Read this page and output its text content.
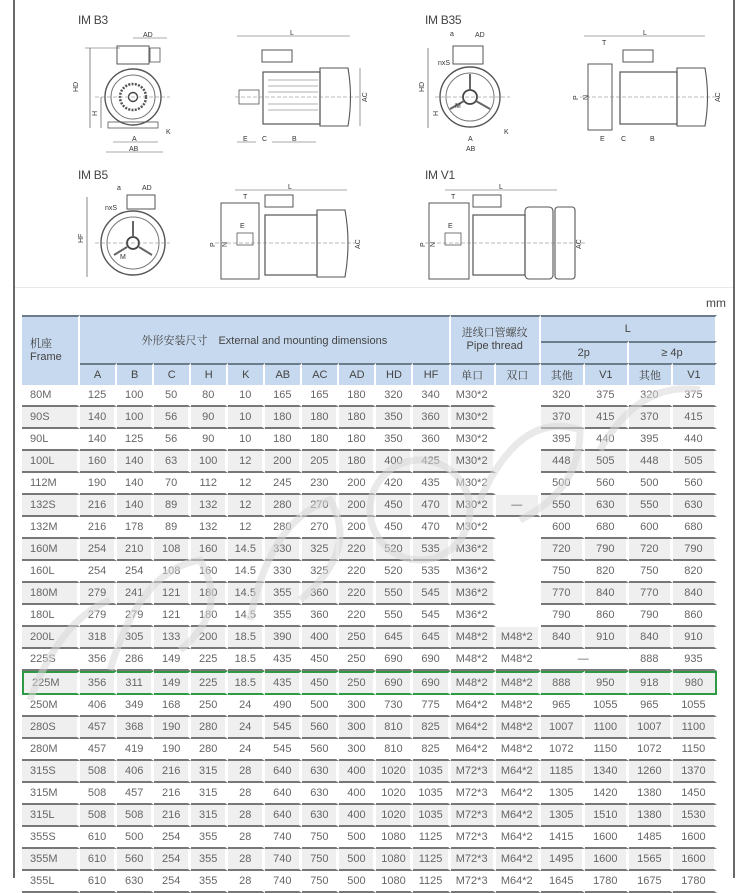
IM B3
HD
H
AD
A
AB
K
L
AC
E C	B
IM B35
a	AD
nxS
HD
H
M
A
AB
K
L
T
P N	AC
E C	B
IM B5
a	AD
nxS
HF
M
L
T
E
P N	AC
IM V1
L
T
E
P N	AC
mm
机座
Frame	外形安装尺寸　External and mounting dimensions										进线口管螺纹
Pipe thread		L			
													2p		≥ 4p	
	A	B	C	H	K	AB	AC	AD	HD	HF	单口	双口	其他	V1	其他	V1
80M	125	100	50	80	10	165	165	180	320	340	M30*2		320	375	320	375
90S	140	100	56	90	10	180	180	180	350	360	M30*2		370	415	370	415
90L	140	125	56	90	10	180	180	180	350	360	M30*2		395	440	395	440
100L	160	140	63	100	12	200	205	180	400	425	M30*2		448	505	448	505
112M	190	140	70	112	12	245	230	200	420	435	M30*2		500	560	500	560
132S	216	140	89	132	12	280	270	200	450	470	M30*2	—	550	630	550	630
132M	216	178	89	132	12	280	270	200	450	470	M30*2		600	680	600	680
160M	254	210	108	160	14.5	330	325	220	520	535	M36*2		720	790	720	790
160L	254	254	108	160	14.5	330	325	220	520	535	M36*2		750	820	750	820
180M	279	241	121	180	14.5	355	360	220	550	545	M36*2		770	840	770	840
180L	279	279	121	180	14.5	355	360	220	550	545	M36*2		790	860	790	860
200L	318	305	133	200	18.5	390	400	250	645	645	M48*2	M48*2	840	910	840	910
225S	356	286	149	225	18.5	435	450	250	690	690	M48*2	M48*2	—		888	935
225M	356	311	149	225	18.5	435	450	250	690	690	M48*2	M48*2	888	950	918	980
250M	406	349	168	250	24	490	500	300	730	775	M64*2	M48*2	965	1055	965	1055
280S	457	368	190	280	24	545	560	300	810	825	M64*2	M48*2	1007	1100	1007	1100
280M	457	419	190	280	24	545	560	300	810	825	M64*2	M48*2	1072	1150	1072	1150
315S	508	406	216	315	28	640	630	400	1020	1035	M72*3	M64*2	1185	1340	1260	1370
315M	508	457	216	315	28	640	630	400	1020	1035	M72*3	M64*2	1305	1420	1380	1450
315L	508	508	216	315	28	640	630	400	1020	1035	M72*3	M64*2	1305	1510	1380	1530
355S	610	500	254	355	28	740	750	500	1080	1125	M72*3	M64*2	1415	1600	1485	1600
355M	610	560	254	355	28	740	750	500	1080	1125	M72*3	M64*2	1495	1600	1565	1600
355L	610	630	254	355	28	740	750	500	1080	1125	M72*3	M64*2	1645	1780	1675	1780
